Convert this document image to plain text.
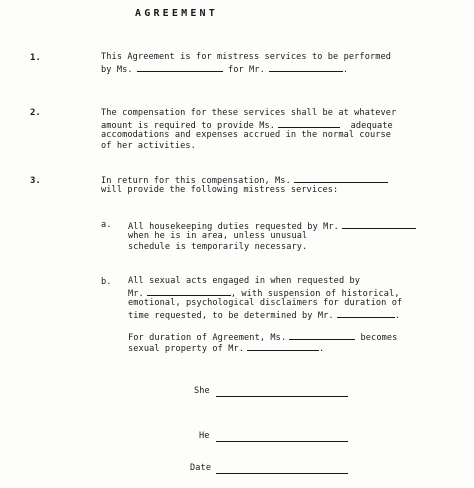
AGREEMENT
1.	This Agreement is for mistress services to be performed
by Ms.	for Mr.	.
2.	The compensation for these services shall be at whatever
amount is required to provide Ms.	adequate
accomodations and expenses accrued in the normal course
of her activities.
3.	In return for this compensation, Ms.
will provide the following mistress services:
a. All housekeeping duties requested by Mr.
when he is in area, unless unusual
schedule is temporarily necessary.
b. All sexual acts engaged in when requested by
Mr.	, with suspension of historical,
emotional, psychological disclaimers for duration of
time requested, to be determined by Mr.	.
For duration of Agreement, Ms.	becomes
sexual property of Mr.	.
She
He
Date
